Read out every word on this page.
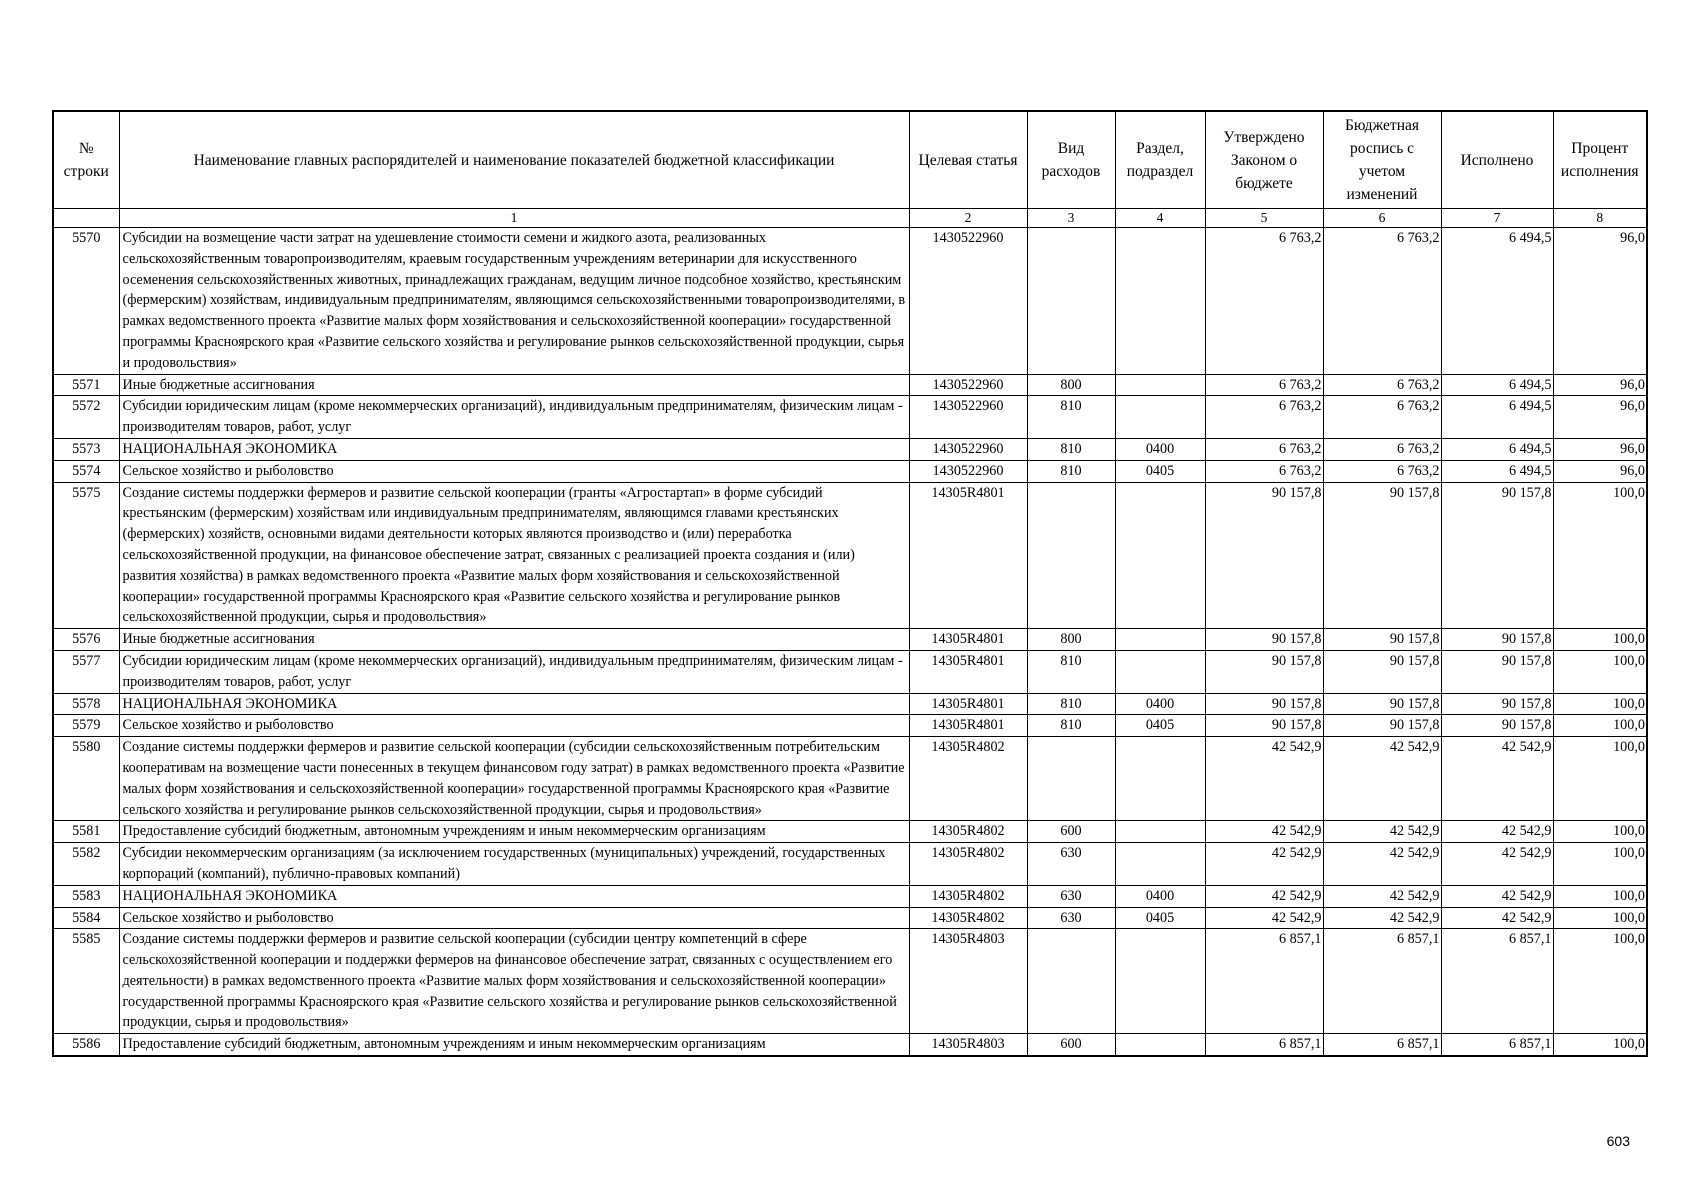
№ строки	Наименование главных распорядителей и наименование показателей бюджетной классификации	Целевая статья	Вид расходов	Раздел, подраздел	Утверждено Законом о бюджете	Бюджетная роспись с учетом изменений	Исполнено	Процент исполнения
	1	2	3	4	5	6	7	8
5570	Субсидии на возмещение части затрат на удешевление стоимости семени и жидкого азота, реализованных сельскохозяйственным товаропроизводителям, краевым государственным учреждениям ветеринарии для искусственного осеменения сельскохозяйственных животных, принадлежащих гражданам, ведущим личное подсобное хозяйство, крестьянским (фермерским) хозяйствам, индивидуальным предпринимателям, являющимся сельскохозяйственными товаропроизводителями, в рамках ведомственного проекта «Развитие малых форм хозяйствования и сельскохозяйственной кооперации» государственной программы Красноярского края «Развитие сельского хозяйства и регулирование рынков сельскохозяйственной продукции, сырья и продовольствия»	1430522960			6 763,2	6 763,2	6 494,5	96,0
5571	Иные бюджетные ассигнования	1430522960	800		6 763,2	6 763,2	6 494,5	96,0
5572	Субсидии юридическим лицам (кроме некоммерческих организаций), индивидуальным предпринимателям, физическим лицам - производителям товаров, работ, услуг	1430522960	810		6 763,2	6 763,2	6 494,5	96,0
5573	НАЦИОНАЛЬНАЯ ЭКОНОМИКА	1430522960	810	0400	6 763,2	6 763,2	6 494,5	96,0
5574	Сельское хозяйство и рыболовство	1430522960	810	0405	6 763,2	6 763,2	6 494,5	96,0
5575	Создание системы поддержки фермеров и развитие сельской кооперации (гранты «Агростартап» в форме субсидий крестьянским (фермерским) хозяйствам или индивидуальным предпринимателям, являющимся главами крестьянских (фермерских) хозяйств, основными видами деятельности которых являются производство и (или) переработка сельскохозяйственной продукции, на финансовое обеспечение затрат, связанных с реализацией проекта создания и (или) развития хозяйства) в рамках ведомственного проекта «Развитие малых форм хозяйствования и сельскохозяйственной кооперации» государственной программы Красноярского края «Развитие сельского хозяйства и регулирование рынков сельскохозяйственной продукции, сырья и продовольствия»	14305R4801			90 157,8	90 157,8	90 157,8	100,0
5576	Иные бюджетные ассигнования	14305R4801	800		90 157,8	90 157,8	90 157,8	100,0
5577	Субсидии юридическим лицам (кроме некоммерческих организаций), индивидуальным предпринимателям, физическим лицам - производителям товаров, работ, услуг	14305R4801	810		90 157,8	90 157,8	90 157,8	100,0
5578	НАЦИОНАЛЬНАЯ ЭКОНОМИКА	14305R4801	810	0400	90 157,8	90 157,8	90 157,8	100,0
5579	Сельское хозяйство и рыболовство	14305R4801	810	0405	90 157,8	90 157,8	90 157,8	100,0
5580	Создание системы поддержки фермеров и развитие сельской кооперации (субсидии сельскохозяйственным потребительским кооперативам на возмещение части понесенных в текущем финансовом году затрат) в рамках ведомственного проекта «Развитие малых форм хозяйствования и сельскохозяйственной кооперации» государственной программы Красноярского края «Развитие сельского хозяйства и регулирование рынков сельскохозяйственной продукции, сырья и продовольствия»	14305R4802			42 542,9	42 542,9	42 542,9	100,0
5581	Предоставление субсидий бюджетным, автономным учреждениям и иным некоммерческим организациям	14305R4802	600		42 542,9	42 542,9	42 542,9	100,0
5582	Субсидии некоммерческим организациям (за исключением государственных (муниципальных) учреждений, государственных корпораций (компаний), публично-правовых компаний)	14305R4802	630		42 542,9	42 542,9	42 542,9	100,0
5583	НАЦИОНАЛЬНАЯ ЭКОНОМИКА	14305R4802	630	0400	42 542,9	42 542,9	42 542,9	100,0
5584	Сельское хозяйство и рыболовство	14305R4802	630	0405	42 542,9	42 542,9	42 542,9	100,0
5585	Создание системы поддержки фермеров и развитие сельской кооперации (субсидии центру компетенций в сфере сельскохозяйственной кооперации и поддержки фермеров на финансовое обеспечение затрат, связанных с осуществлением его деятельности) в рамках ведомственного проекта «Развитие малых форм хозяйствования и сельскохозяйственной кооперации» государственной программы Красноярского края «Развитие сельского хозяйства и регулирование рынков сельскохозяйственной продукции, сырья и продовольствия»	14305R4803			6 857,1	6 857,1	6 857,1	100,0
5586	Предоставление субсидий бюджетным, автономным учреждениям и иным некоммерческим организациям	14305R4803	600		6 857,1	6 857,1	6 857,1	100,0
603
